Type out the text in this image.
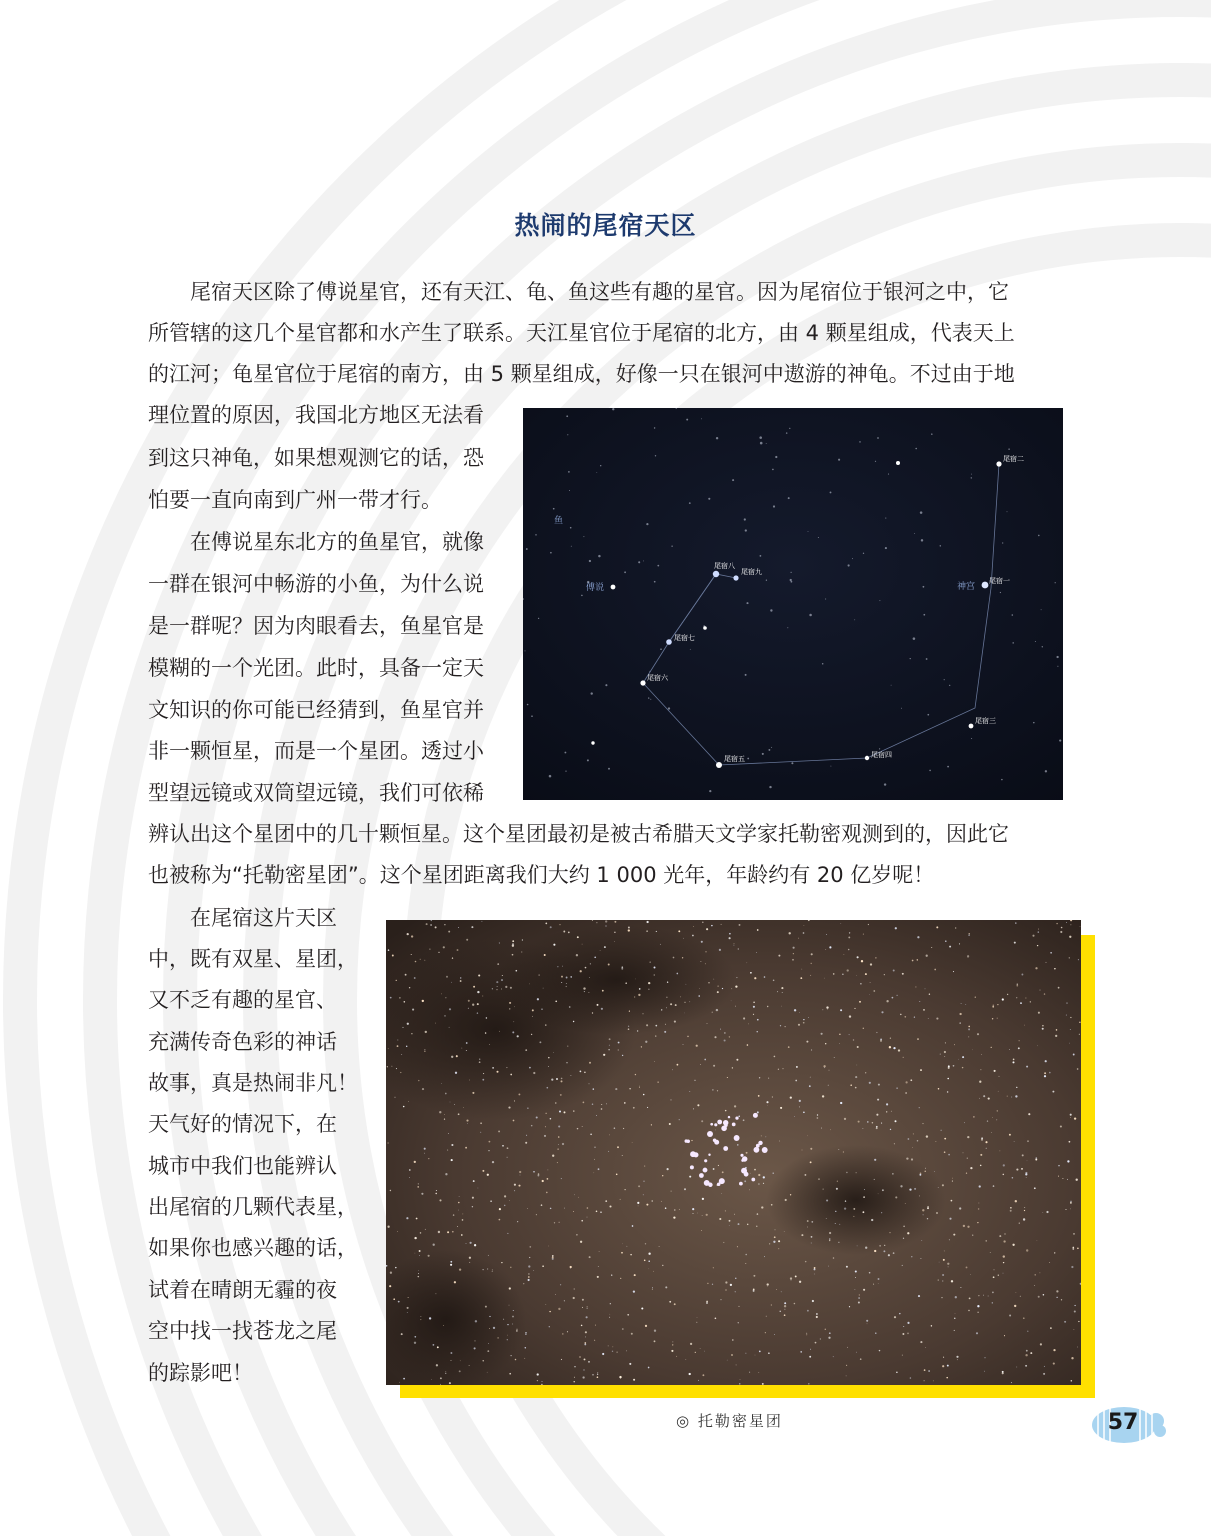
热闹的尾宿天区
尾宿天区除了傅说星官，还有天江、龟、鱼这些有趣的星官。因为尾宿位于银河之中，它
所管辖的这几个星官都和水产生了联系。天江星官位于尾宿的北方，由 4 颗星组成，代表天上
的江河；龟星官位于尾宿的南方，由 5 颗星组成，好像一只在银河中遨游的神龟。不过由于地
理位置的原因，我国北方地区无法看
到这只神龟，如果想观测它的话，恐
怕要一直向南到广州一带才行。
在傅说星东北方的鱼星官，就像
一群在银河中畅游的小鱼，为什么说
是一群呢？因为肉眼看去，鱼星官是
模糊的一个光团。此时，具备一定天
文知识的你可能已经猜到，鱼星官并
非一颗恒星，而是一个星团。透过小
型望远镜或双筒望远镜，我们可依稀
辨认出这个星团中的几十颗恒星。这个星团最初是被古希腊天文学家托勒密观测到的，因此它
也被称为“托勒密星团”。这个星团距离我们大约 1 000 光年，年龄约有 20 亿岁呢！
尾宿二
尾宿一
尾宿三
尾宿四
尾宿五
尾宿六
尾宿七
尾宿八
尾宿九
鱼
傅说	神宫
在尾宿这片天区
中，既有双星、星团，
又不乏有趣的星官、
充满传奇色彩的神话
故事，真是热闹非凡！
天气好的情况下，在
城市中我们也能辨认
出尾宿的几颗代表星，
如果你也感兴趣的话，
试着在晴朗无霾的夜
空中找一找苍龙之尾
的踪影吧！
◎ 托勒密星团	57
